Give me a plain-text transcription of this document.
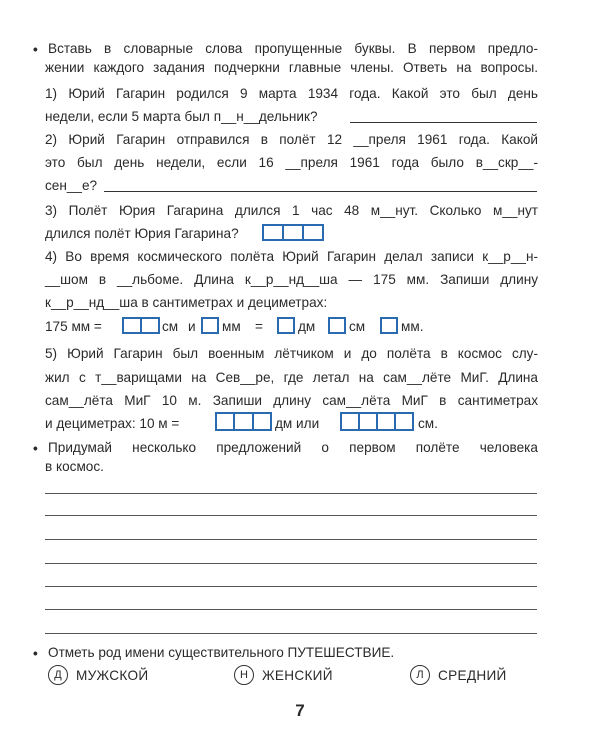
• Вставь в словарные слова пропущенные буквы. В первом предло-
жении каждого задания подчеркни главные члены. Ответь на вопросы.
1) Юрий Гагарин родился 9 марта 1934 года. Какой это был день
недели, если 5 марта был п__н__дельник?
2) Юрий Гагарин отправился в полёт 12 __преля 1961 года. Какой
это был день недели, если 16 __преля 1961 года было в__скр__-
сен__е?
3) Полёт Юрия Гагарина длился 1 час 48 м__нут. Сколько м__нут
длился полёт Юрия Гагарина?
4) Во время космического полёта Юрий Гагарин делал записи к__р__н-
__шом в __льбоме. Длина к__р__нд__ша — 175 мм. Запиши длину
к__р__нд__ша в сантиметрах и дециметрах:
175 мм =	см и мм =	дм см	мм.
5) Юрий Гагарин был военным лётчиком и до полёта в космос слу-
жил с т__варищами на Сев__ре, где летал на сам__лёте МиГ. Длина
сам__лёта МиГ 10 м. Запиши длину сам__лёта МиГ в сантиметрах
и дециметрах: 10 м =	дм или	см.
• Придумай несколько предложений о первом полёте человека
в космос.
• Отметь род имени существительного ПУТЕШЕСТВИЕ.
Д	МУЖСКОЙ	Н	ЖЕНСКИЙ	Л	СРЕДНИЙ
7
